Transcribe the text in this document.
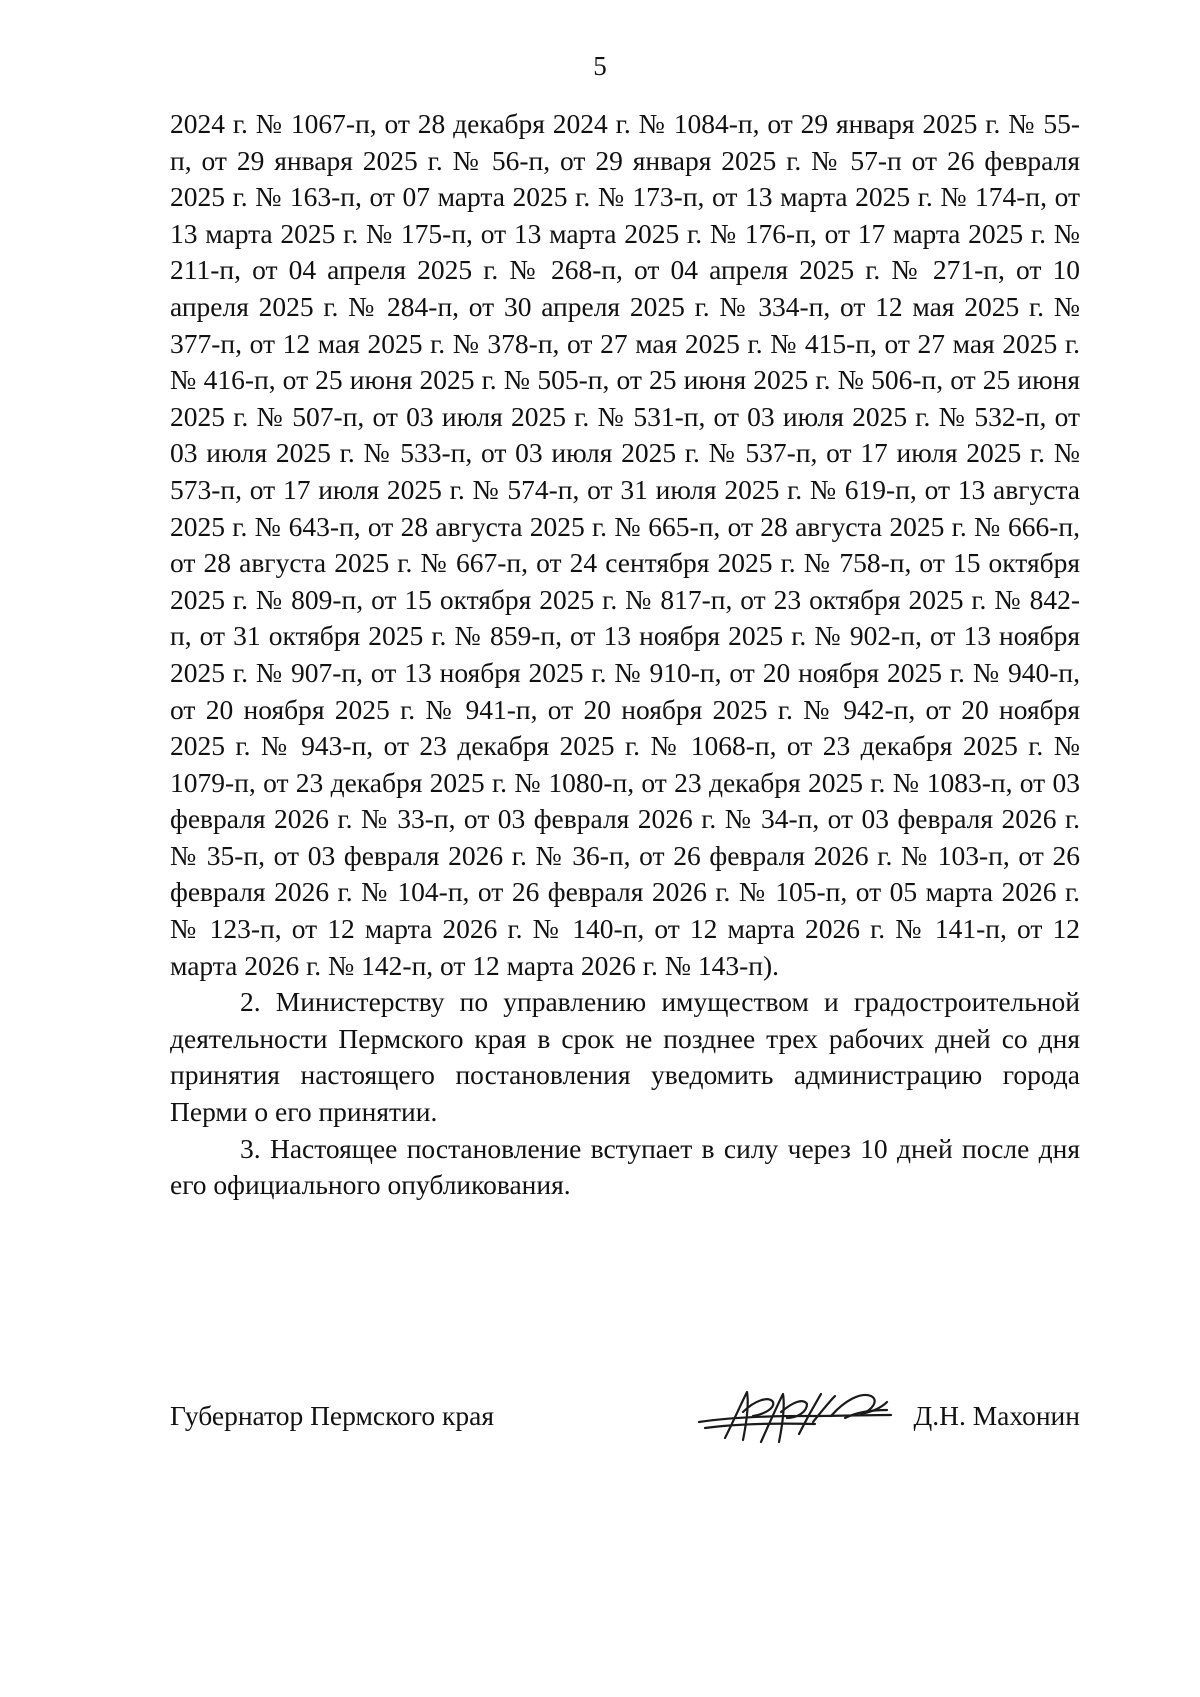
5

2024 г. № 1067-п, от 28 декабря 2024 г. № 1084-п, от 29 января 2025 г. № 55-п, от 29 января 2025 г. № 56-п, от 29 января 2025 г. № 57-п от 26 февраля 2025 г. № 163-п, от 07 марта 2025 г. № 173-п, от 13 марта 2025 г. № 174-п, от 13 марта 2025 г. № 175-п, от 13 марта 2025 г. № 176-п, от 17 марта 2025 г. № 211-п, от 04 апреля 2025 г. № 268-п, от 04 апреля 2025 г. № 271-п, от 10 апреля 2025 г. № 284-п, от 30 апреля 2025 г. № 334-п, от 12 мая 2025 г. № 377-п, от 12 мая 2025 г. № 378-п, от 27 мая 2025 г. № 415-п, от 27 мая 2025 г. № 416-п, от 25 июня 2025 г. № 505-п, от 25 июня 2025 г. № 506-п, от 25 июня 2025 г. № 507-п, от 03 июля 2025 г. № 531-п, от 03 июля 2025 г. № 532-п, от 03 июля 2025 г. № 533-п, от 03 июля 2025 г. № 537-п, от 17 июля 2025 г. № 573-п, от 17 июля 2025 г. № 574-п, от 31 июля 2025 г. № 619-п, от 13 августа 2025 г. № 643-п, от 28 августа 2025 г. № 665-п, от 28 августа 2025 г. № 666-п, от 28 августа 2025 г. № 667-п, от 24 сентября 2025 г. № 758-п, от 15 октября 2025 г. № 809-п, от 15 октября 2025 г. № 817-п, от 23 октября 2025 г. № 842-п, от 31 октября 2025 г. № 859-п, от 13 ноября 2025 г. № 902-п, от 13 ноября 2025 г. № 907-п, от 13 ноября 2025 г. № 910-п, от 20 ноября 2025 г. № 940-п, от 20 ноября 2025 г. № 941-п, от 20 ноября 2025 г. № 942-п, от 20 ноября 2025 г. № 943-п, от 23 декабря 2025 г. № 1068-п, от 23 декабря 2025 г. № 1079-п, от 23 декабря 2025 г. № 1080-п, от 23 декабря 2025 г. № 1083-п, от 03 февраля 2026 г. № 33-п, от 03 февраля 2026 г. № 34-п, от 03 февраля 2026 г. № 35-п, от 03 февраля 2026 г. № 36-п, от 26 февраля 2026 г. № 103-п, от 26 февраля 2026 г. № 104-п, от 26 февраля 2026 г. № 105-п, от 05 марта 2026 г. № 123-п, от 12 марта 2026 г. № 140-п, от 12 марта 2026 г. № 141-п, от 12 марта 2026 г. № 142-п, от 12 марта 2026 г. № 143-п).

2. Министерству по управлению имуществом и градостроительной деятельности Пермского края в срок не позднее трех рабочих дней со дня принятия настоящего постановления уведомить администрацию города Перми о его принятии.

3. Настоящее постановление вступает в силу через 10 дней после дня его официального опубликования.

Губернатор Пермского края	Д.Н. Махонин
